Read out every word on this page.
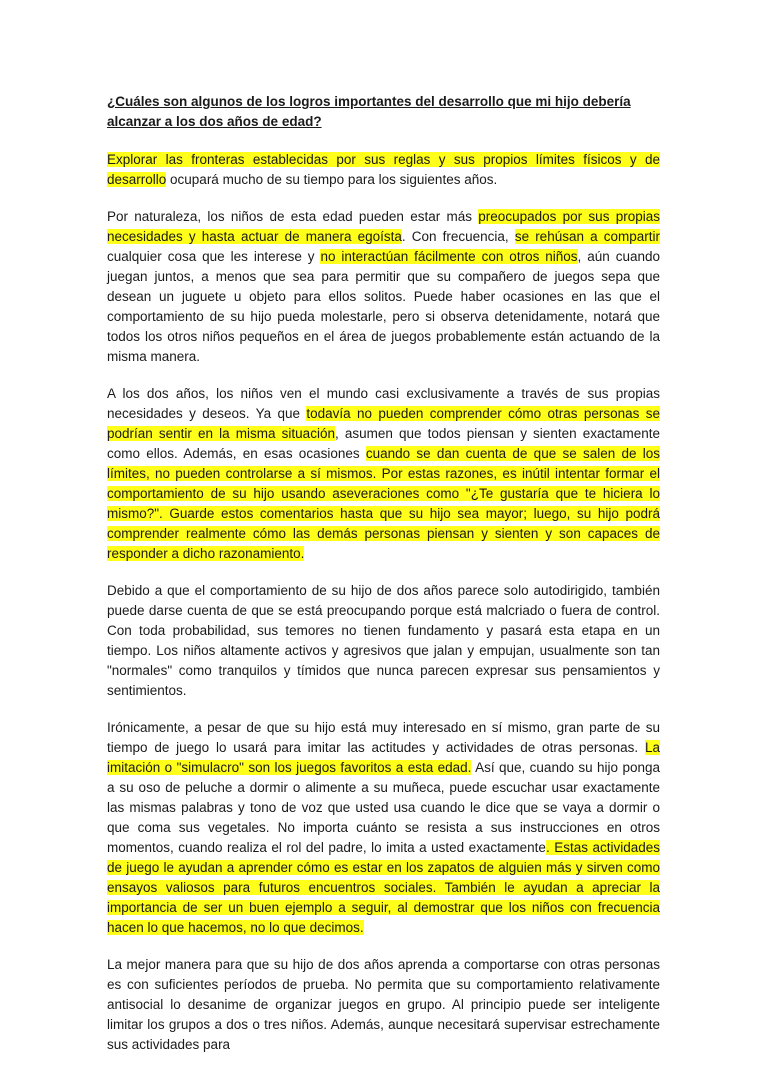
¿Cuáles son algunos de los logros importantes del desarrollo que mi hijo debería alcanzar a los dos años de edad?

Explorar las fronteras establecidas por sus reglas y sus propios límites físicos y de desarrollo ocupará mucho de su tiempo para los siguientes años.

Por naturaleza, los niños de esta edad pueden estar más preocupados por sus propias necesidades y hasta actuar de manera egoísta. Con frecuencia, se rehúsan a compartir cualquier cosa que les interese y no interactúan fácilmente con otros niños, aún cuando juegan juntos, a menos que sea para permitir que su compañero de juegos sepa que desean un juguete u objeto para ellos solitos. Puede haber ocasiones en las que el comportamiento de su hijo pueda molestarle, pero si observa detenidamente, notará que todos los otros niños pequeños en el área de juegos probablemente están actuando de la misma manera.

A los dos años, los niños ven el mundo casi exclusivamente a través de sus propias necesidades y deseos. Ya que todavía no pueden comprender cómo otras personas se podrían sentir en la misma situación, asumen que todos piensan y sienten exactamente como ellos. Además, en esas ocasiones cuando se dan cuenta de que se salen de los límites, no pueden controlarse a sí mismos. Por estas razones, es inútil intentar formar el comportamiento de su hijo usando aseveraciones como "¿Te gustaría que te hiciera lo mismo?". Guarde estos comentarios hasta que su hijo sea mayor; luego, su hijo podrá comprender realmente cómo las demás personas piensan y sienten y son capaces de responder a dicho razonamiento.

Debido a que el comportamiento de su hijo de dos años parece solo autodirigido, también puede darse cuenta de que se está preocupando porque está malcriado o fuera de control. Con toda probabilidad, sus temores no tienen fundamento y pasará esta etapa en un tiempo. Los niños altamente activos y agresivos que jalan y empujan, usualmente son tan "normales" como tranquilos y tímidos que nunca parecen expresar sus pensamientos y sentimientos.

Irónicamente, a pesar de que su hijo está muy interesado en sí mismo, gran parte de su tiempo de juego lo usará para imitar las actitudes y actividades de otras personas. La imitación o "simulacro" son los juegos favoritos a esta edad. Así que, cuando su hijo ponga a su oso de peluche a dormir o alimente a su muñeca, puede escuchar usar exactamente las mismas palabras y tono de voz que usted usa cuando le dice que se vaya a dormir o que coma sus vegetales. No importa cuánto se resista a sus instrucciones en otros momentos, cuando realiza el rol del padre, lo imita a usted exactamente. Estas actividades de juego le ayudan a aprender cómo es estar en los zapatos de alguien más y sirven como ensayos valiosos para futuros encuentros sociales. También le ayudan a apreciar la importancia de ser un buen ejemplo a seguir, al demostrar que los niños con frecuencia hacen lo que hacemos, no lo que decimos.

La mejor manera para que su hijo de dos años aprenda a comportarse con otras personas es con suficientes períodos de prueba. No permita que su comportamiento relativamente antisocial lo desanime de organizar juegos en grupo. Al principio puede ser inteligente limitar los grupos a dos o tres niños. Además, aunque necesitará supervisar estrechamente sus actividades para
